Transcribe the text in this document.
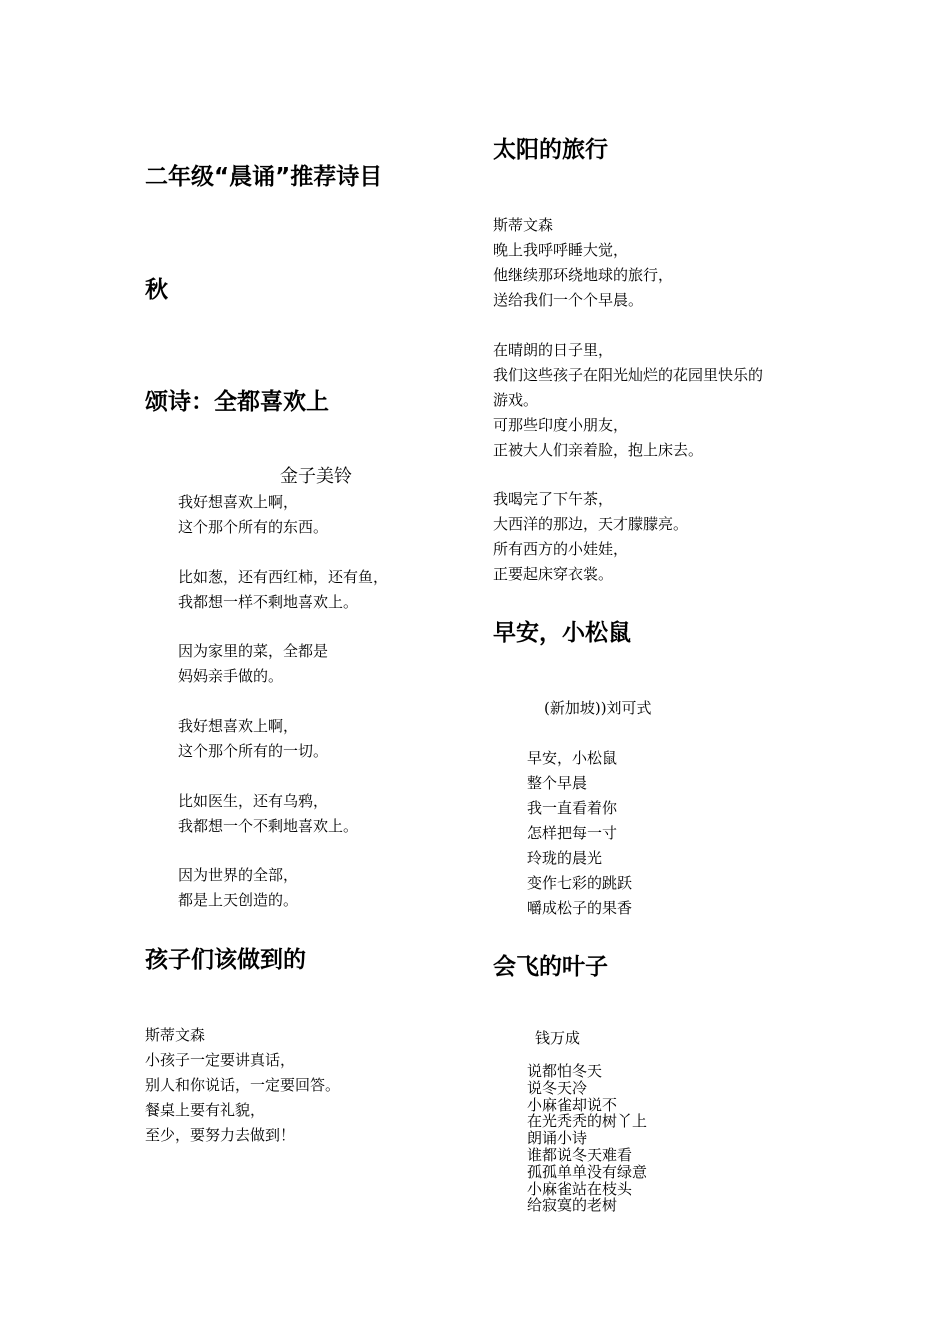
二年级“晨诵”推荐诗目
秋
颂诗：全都喜欢上
金子美铃
我好想喜欢上啊，
这个那个所有的东西。
比如葱，还有西红柿，还有鱼，
我都想一样不剩地喜欢上。
因为家里的菜，全都是
妈妈亲手做的。
我好想喜欢上啊，
这个那个所有的一切。
比如医生，还有乌鸦，
我都想一个不剩地喜欢上。
因为世界的全部，
都是上天创造的。
孩子们该做到的
斯蒂文森
小孩子一定要讲真话，
别人和你说话，一定要回答。
餐桌上要有礼貌，
至少，要努力去做到！
太阳的旅行
斯蒂文森
晚上我呼呼睡大觉，
他继续那环绕地球的旅行，
送给我们一个个早晨。
在晴朗的日子里，
我们这些孩子在阳光灿烂的花园里快乐的
游戏。
可那些印度小朋友，
正被大人们亲着脸，抱上床去。
我喝完了下午茶，
大西洋的那边，天才朦朦亮。
所有西方的小娃娃，
正要起床穿衣裳。
早安，小松鼠
(新加坡))刘可式
早安，小松鼠
整个早晨
我一直看着你
怎样把每一寸
玲珑的晨光
变作七彩的跳跃
嚼成松子的果香
会飞的叶子
钱万成
说都怕冬天
说冬天冷
小麻雀却说不
在光秃秃的树丫上
朗诵小诗
谁都说冬天难看
孤孤单单没有绿意
小麻雀站在枝头
给寂寞的老树
